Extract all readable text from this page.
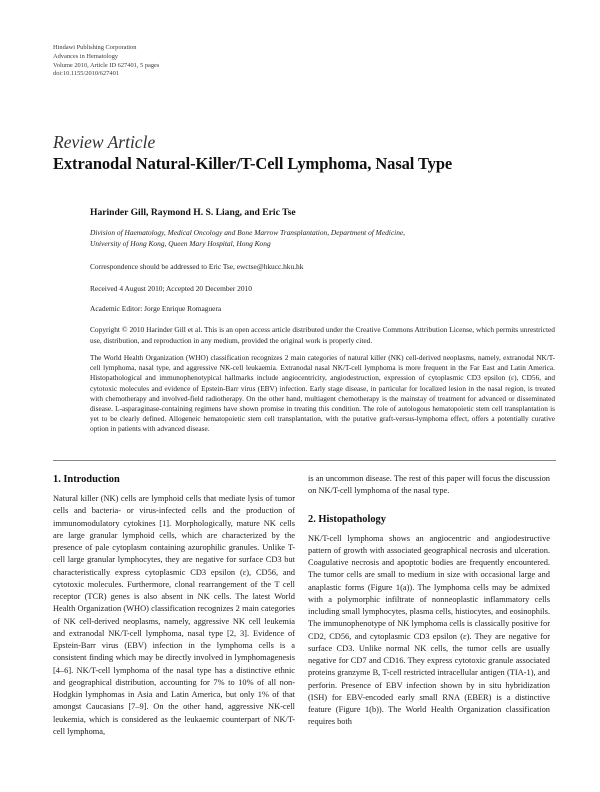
Hindawi Publishing Corporation
Advances in Hematology
Volume 2010, Article ID 627401, 5 pages
doi:10.1155/2010/627401
Review Article
Extranodal Natural-Killer/T-Cell Lymphoma, Nasal Type
Harinder Gill, Raymond H. S. Liang, and Eric Tse
Division of Haematology, Medical Oncology and Bone Marrow Transplantation, Department of Medicine,
University of Hong Kong, Queen Mary Hospital, Hong Kong
Correspondence should be addressed to Eric Tse, ewctse@hkucc.hku.hk
Received 4 August 2010; Accepted 20 December 2010
Academic Editor: Jorge Enrique Romaguera
Copyright © 2010 Harinder Gill et al. This is an open access article distributed under the Creative Commons Attribution License, which permits unrestricted use, distribution, and reproduction in any medium, provided the original work is properly cited.
The World Health Organization (WHO) classification recognizes 2 main categories of natural killer (NK) cell-derived neoplasms, namely, extranodal NK/T-cell lymphoma, nasal type, and aggressive NK-cell leukaemia. Extranodal nasal NK/T-cell lymphoma is more frequent in the Far East and Latin America. Histopathological and immunophenotypical hallmarks include angiocentricity, angiodestruction, expression of cytoplasmic CD3 epsilon (ε), CD56, and cytotoxic molecules and evidence of Epstein-Barr virus (EBV) infection. Early stage disease, in particular for localized lesion in the nasal region, is treated with chemotherapy and involved-field radiotherapy. On the other hand, multiagent chemotherapy is the mainstay of treatment for advanced or disseminated disease. L-asparaginase-containing regimens have shown promise in treating this condition. The role of autologous hematopoietic stem cell transplantation is yet to be clearly defined. Allogeneic hematopoietic stem cell transplantation, with the putative graft-versus-lymphoma effect, offers a potentially curative option in patients with advanced disease.
1. Introduction

Natural killer (NK) cells are lymphoid cells that mediate lysis of tumor cells and bacteria- or virus-infected cells and the production of immunomodulatory cytokines [1]. Morphologically, mature NK cells are large granular lymphoid cells, which are characterized by the presence of pale cytoplasm containing azurophilic granules. Unlike T-cell large granular lymphocytes, they are negative for surface CD3 but characteristically express cytoplasmic CD3 epsilon (ε), CD56, and cytotoxic molecules. Furthermore, clonal rearrangement of the T cell receptor (TCR) genes is also absent in NK cells. The latest World Health Organization (WHO) classification recognizes 2 main categories of NK cell-derived neoplasms, namely, aggressive NK cell leukemia and extranodal NK/T-cell lymphoma, nasal type [2, 3]. Evidence of Epstein-Barr virus (EBV) infection in the lymphoma cells is a consistent finding which may be directly involved in lymphomagenesis [4–6]. NK/T-cell lymphoma of the nasal type has a distinctive ethnic and geographical distribution, accounting for 7% to 10% of all non-Hodgkin lymphomas in Asia and Latin America, but only 1% of that amongst Caucasians [7–9]. On the other hand, aggressive NK-cell leukemia, which is considered as the leukaemic counterpart of NK/T-cell lymphoma,

is an uncommon disease. The rest of this paper will focus the discussion on NK/T-cell lymphoma of the nasal type.

2. Histopathology

NK/T-cell lymphoma shows an angiocentric and angiodestructive pattern of growth with associated geographical necrosis and ulceration. Coagulative necrosis and apoptotic bodies are frequently encountered. The tumor cells are small to medium in size with occasional large and anaplastic forms (Figure 1(a)). The lymphoma cells may be admixed with a polymorphic infiltrate of nonneoplastic inflammatory cells including small lymphocytes, plasma cells, histiocytes, and eosinophils. The immunophenotype of NK lymphoma cells is classically positive for CD2, CD56, and cytoplasmic CD3 epsilon (ε). They are negative for surface CD3. Unlike normal NK cells, the tumor cells are usually negative for CD7 and CD16. They express cytotoxic granule associated proteins granzyme B, T-cell restricted intracellular antigen (TIA-1), and perforin. Presence of EBV infection shown by in situ hybridization (ISH) for EBV-encoded early small RNA (EBER) is a distinctive feature (Figure 1(b)). The World Health Organization classification requires both
